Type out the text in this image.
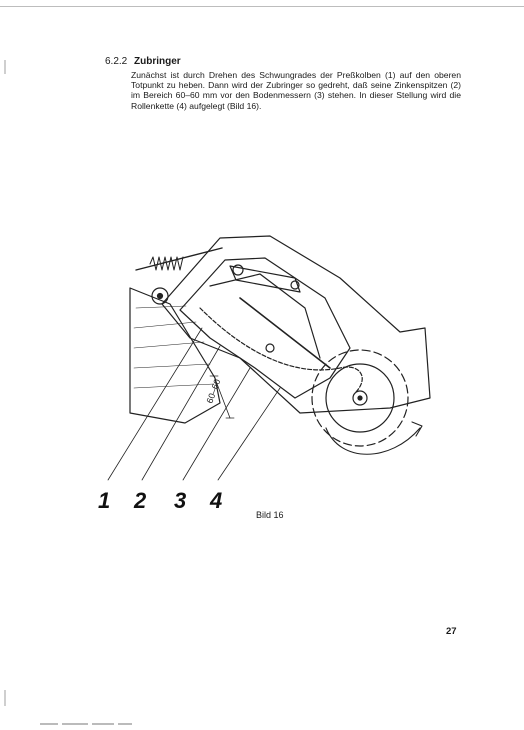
6.2.2 Zubringer
Zunächst ist durch Drehen des Schwungrades der Preßkolben (1) auf den oberen Totpunkt zu heben. Dann wird der Zubringer so gedreht, daß seine Zinkenspitzen (2) im Bereich 60–60 mm vor den Bodenmessern (3) stehen. In dieser Stellung wird die Rollenkette (4) aufgelegt (Bild 16).
60–60
1 2 3 4
Bild 16
27
